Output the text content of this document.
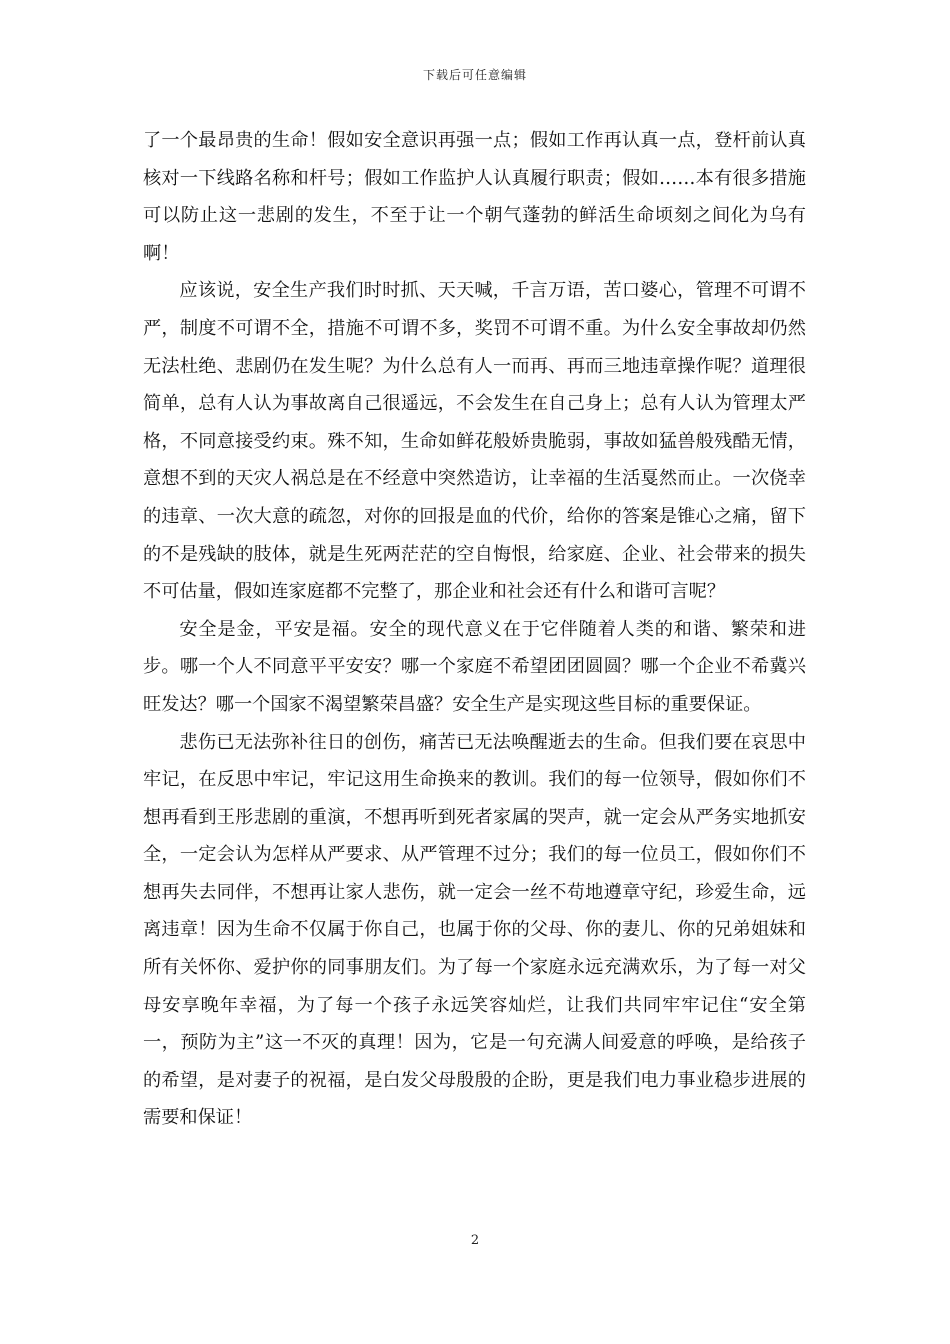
下载后可任意编辑

了一个最昂贵的生命！假如安全意识再强一点；假如工作再认真一点，登杆前认真核对一下线路名称和杆号；假如工作监护人认真履行职责；假如……本有很多措施可以防止这一悲剧的发生，不至于让一个朝气蓬勃的鲜活生命顷刻之间化为乌有啊！

应该说，安全生产我们时时抓、天天喊，千言万语，苦口婆心，管理不可谓不严，制度不可谓不全，措施不可谓不多，奖罚不可谓不重。为什么安全事故却仍然无法杜绝、悲剧仍在发生呢？为什么总有人一而再、再而三地违章操作呢？道理很简单，总有人认为事故离自己很遥远，不会发生在自己身上；总有人认为管理太严格，不同意接受约束。殊不知，生命如鲜花般娇贵脆弱，事故如猛兽般残酷无情，意想不到的天灾人祸总是在不经意中突然造访，让幸福的生活戛然而止。一次侥幸的违章、一次大意的疏忽，对你的回报是血的代价，给你的答案是锥心之痛，留下的不是残缺的肢体，就是生死两茫茫的空自悔恨，给家庭、企业、社会带来的损失不可估量，假如连家庭都不完整了，那企业和社会还有什么和谐可言呢？

安全是金，平安是福。安全的现代意义在于它伴随着人类的和谐、繁荣和进步。哪一个人不同意平平安安？哪一个家庭不希望团团圆圆？哪一个企业不希冀兴旺发达？哪一个国家不渴望繁荣昌盛？安全生产是实现这些目标的重要保证。

悲伤已无法弥补往日的创伤，痛苦已无法唤醒逝去的生命。但我们要在哀思中牢记，在反思中牢记，牢记这用生命换来的教训。我们的每一位领导，假如你们不想再看到王彤悲剧的重演，不想再听到死者家属的哭声，就一定会从严务实地抓安全，一定会认为怎样从严要求、从严管理不过分；我们的每一位员工，假如你们不想再失去同伴，不想再让家人悲伤，就一定会一丝不苟地遵章守纪，珍爱生命，远离违章！因为生命不仅属于你自己，也属于你的父母、你的妻儿、你的兄弟姐妹和所有关怀你、爱护你的同事朋友们。为了每一个家庭永远充满欢乐，为了每一对父母安享晚年幸福，为了每一个孩子永远笑容灿烂，让我们共同牢牢记住“安全第一，预防为主”这一不灭的真理！因为，它是一句充满人间爱意的呼唤，是给孩子的希望，是对妻子的祝福，是白发父母殷殷的企盼，更是我们电力事业稳步进展的需要和保证！

2
